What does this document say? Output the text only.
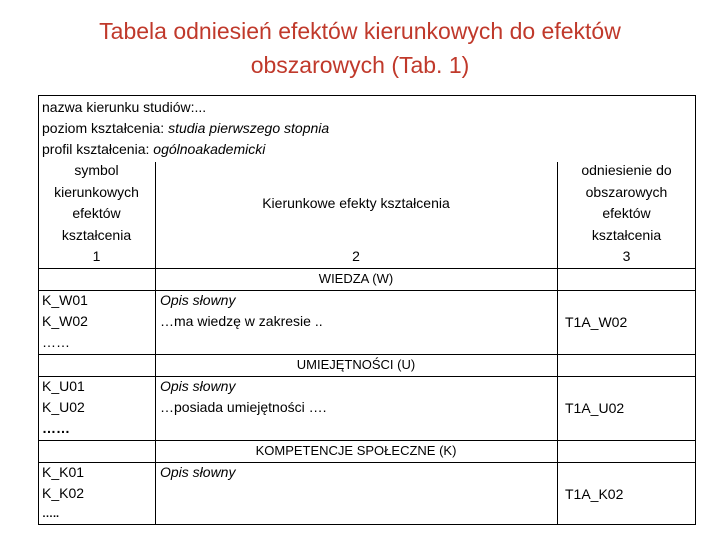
Tabela odniesień efektów kierunkowych do efektów
obszarowych (Tab. 1)
nazwa kierunku studiów:...
poziom kształcenia: studia pierwszego stopnia
profil kształcenia: ogólnoakademicki
symbol
kierunkowych
efektów
kształcenia
1
Kierunkowe efekty kształcenia
2
odniesienie do
obszarowych
efektów
kształcenia
3
WIEDZA (W)
K_W01
K_W02
……
Opis słowny
…ma wiedzę w zakresie ..	T1A_W02
UMIEJĘTNOŚCI (U)
K_U01
K_U02
……
Opis słowny
…posiada umiejętności ….	T1A_U02
KOMPETENCJE SPOŁECZNE (K)
K_K01
K_K02
…..
Opis słowny
T1A_K02
